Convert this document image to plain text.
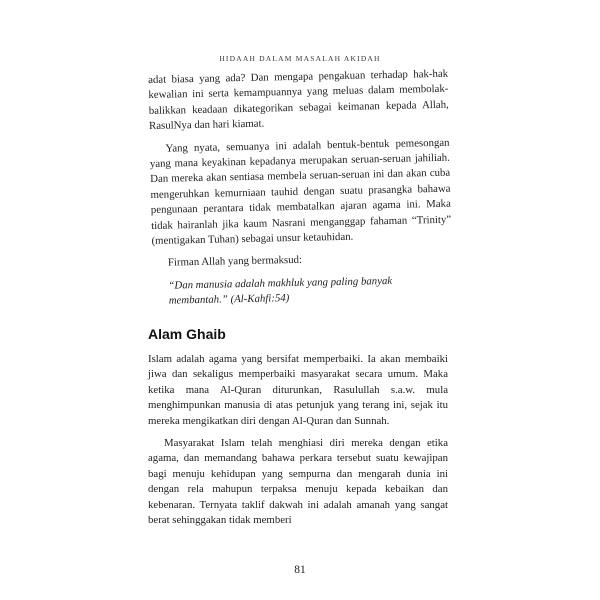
HIDAAH DALAM MASALAH AKIDAH

adat biasa yang ada? Dan mengapa pengakuan terhadap hak-hak kewalian ini serta kemampuannya yang meluas dalam membolak-balikkan keadaan dikategorikan sebagai keimanan kepada Allah, RasulNya dan hari kiamat.

Yang nyata, semuanya ini adalah bentuk-bentuk pemesongan yang mana keyakinan kepadanya merupakan seruan-seruan jahiliah. Dan mereka akan sentiasa membela seruan-seruan ini dan akan cuba mengeruhkan kemurniaan tauhid dengan suatu prasangka bahawa pengunaan perantara tidak membatalkan ajaran agama ini. Maka tidak hairanlah jika kaum Nasrani menganggap fahaman “Trinity” (mentigakan Tuhan) sebagai unsur ketauhidan.

Firman Allah yang bermaksud:

“Dan manusia adalah makhluk yang paling banyak membantah.” (Al-Kahfi:54)
Alam Ghaib

Islam adalah agama yang bersifat memperbaiki. Ia akan membaiki jiwa dan sekaligus memperbaiki masyarakat secara umum. Maka ketika mana Al-Quran diturunkan, Rasulullah s.a.w. mula menghimpunkan manusia di atas petunjuk yang terang ini, sejak itu mereka mengikatkan diri dengan Al-Quran dan Sunnah.

Masyarakat Islam telah menghiasi diri mereka dengan etika agama, dan memandang bahawa perkara tersebut suatu kewajipan bagi menuju kehidupan yang sempurna dan mengarah dunia ini dengan rela mahupun terpaksa menuju kepada kebaikan dan kebenaran. Ternyata taklif dakwah ini adalah amanah yang sangat berat sehinggakan tidak memberi

81
